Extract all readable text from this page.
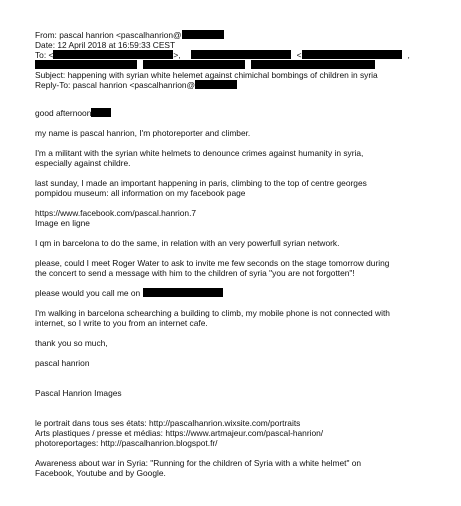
From: pascal hanrion <pascalhanrion@
Date: 12 April 2018 at 16:59:33 CEST
To: <	>,	<	,
Subject: happening with syrian white helemet against chimichal bombings of children in syria
Reply-To: pascal hanrion <pascalhanrion@

good afternoon

my name is pascal hanrion, I'm photoreporter and climber.

I'm a militant with the syrian white helmets to denounce crimes against humanity in syria,
especially against childre.

last sunday, I made an important happening in paris, climbing to the top of centre georges
pompidou museum: all information on my facebook page

https://www.facebook.com/pascal.hanrion.7
Image en ligne

I qm in barcelona to do the same, in relation with an very powerfull syrian network.

please, could I meet Roger Water to ask to invite me few seconds on the stage tomorrow during
the concert to send a message with him to the children of syria "you are not forgotten"!

please would you call me on

I'm walking in barcelona schearching a building to climb, my mobile phone is not connected with
internet, so I write to you from an internet cafe.

thank you so much,

pascal hanrion

Pascal Hanrion Images

le portrait dans tous ses états: http://pascalhanrion.wixsite.com/portraits

Arts plastiques / presse et médias: https://www.artmajeur.com/pascal-hanrion/

photoreportages: http://pascalhanrion.blogspot.fr/

Awareness about war in Syria: "Running for the children of Syria with a white helmet" on
Facebook, Youtube and by Google.
